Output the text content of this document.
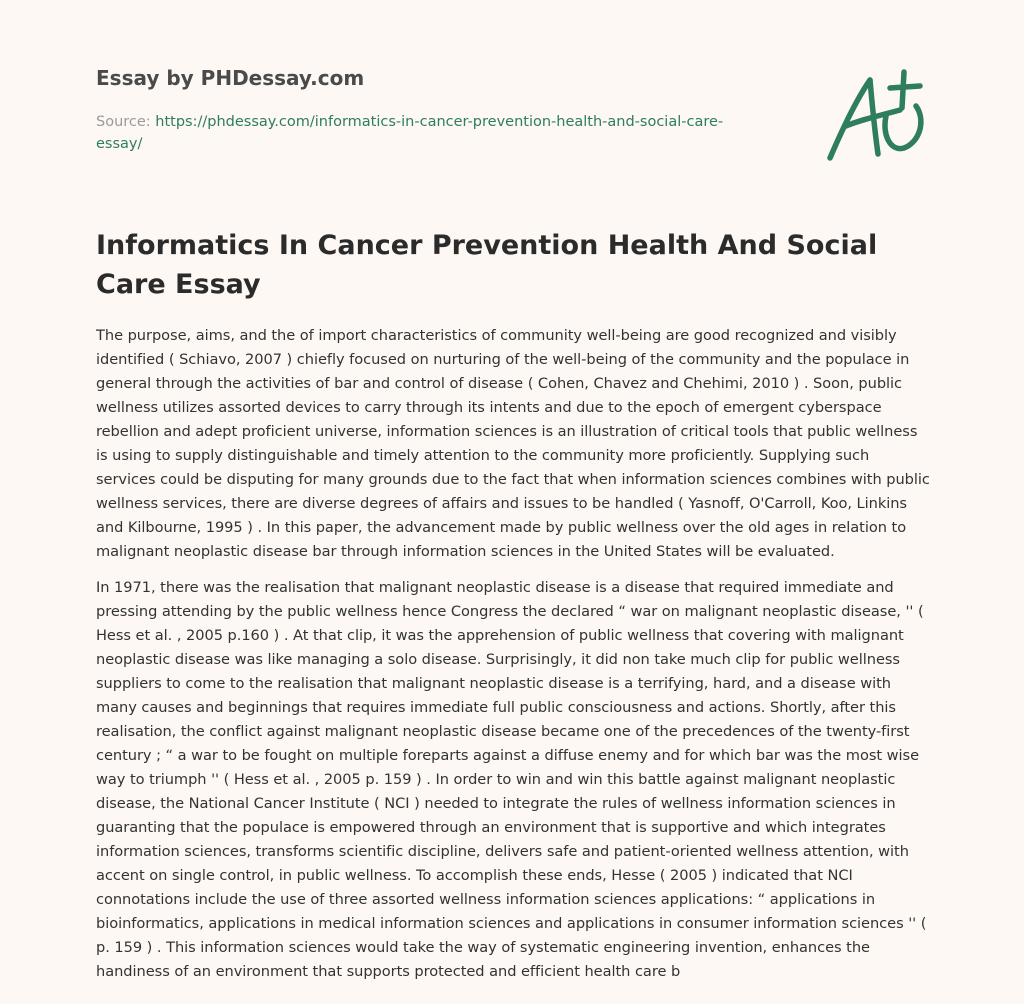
Essay by PHDessay.com
Source: https://phdessay.com/informatics-in-cancer-prevention-health-and-social-care-essay/
Informatics In Cancer Prevention Health And Social Care Essay

The purpose, aims, and the of import characteristics of community well-being are good recognized and visibly identified ( Schiavo, 2007 ) chiefly focused on nurturing of the well-being of the community and the populace in general through the activities of bar and control of disease ( Cohen, Chavez and Chehimi, 2010 ) . Soon, public wellness utilizes assorted devices to carry through its intents and due to the epoch of emergent cyberspace rebellion and adept proficient universe, information sciences is an illustration of critical tools that public wellness is using to supply distinguishable and timely attention to the community more proficiently. Supplying such services could be disputing for many grounds due to the fact that when information sciences combines with public wellness services, there are diverse degrees of affairs and issues to be handled ( Yasnoff, O'Carroll, Koo, Linkins and Kilbourne, 1995 ) . In this paper, the advancement made by public wellness over the old ages in relation to malignant neoplastic disease bar through information sciences in the United States will be evaluated.

In 1971, there was the realisation that malignant neoplastic disease is a disease that required immediate and pressing attending by the public wellness hence Congress the declared “ war on malignant neoplastic disease, '' ( Hess et al. , 2005 p.160 ) . At that clip, it was the apprehension of public wellness that covering with malignant neoplastic disease was like managing a solo disease. Surprisingly, it did non take much clip for public wellness suppliers to come to the realisation that malignant neoplastic disease is a terrifying, hard, and a disease with many causes and beginnings that requires immediate full public consciousness and actions. Shortly, after this realisation, the conflict against malignant neoplastic disease became one of the precedences of the twenty-first century ; “ a war to be fought on multiple foreparts against a diffuse enemy and for which bar was the most wise way to triumph '' ( Hess et al. , 2005 p. 159 ) . In order to win and win this battle against malignant neoplastic disease, the National Cancer Institute ( NCI ) needed to integrate the rules of wellness information sciences in guaranting that the populace is empowered through an environment that is supportive and which integrates information sciences, transforms scientific discipline, delivers safe and patient-oriented wellness attention, with accent on single control, in public wellness. To accomplish these ends, Hesse ( 2005 ) indicated that NCI connotations include the use of three assorted wellness information sciences applications: “ applications in bioinformatics, applications in medical information sciences and applications in consumer information sciences '' ( p. 159 ) . This information sciences would take the way of systematic engineering invention, enhances the handiness of an environment that supports protected and efficient health care b
